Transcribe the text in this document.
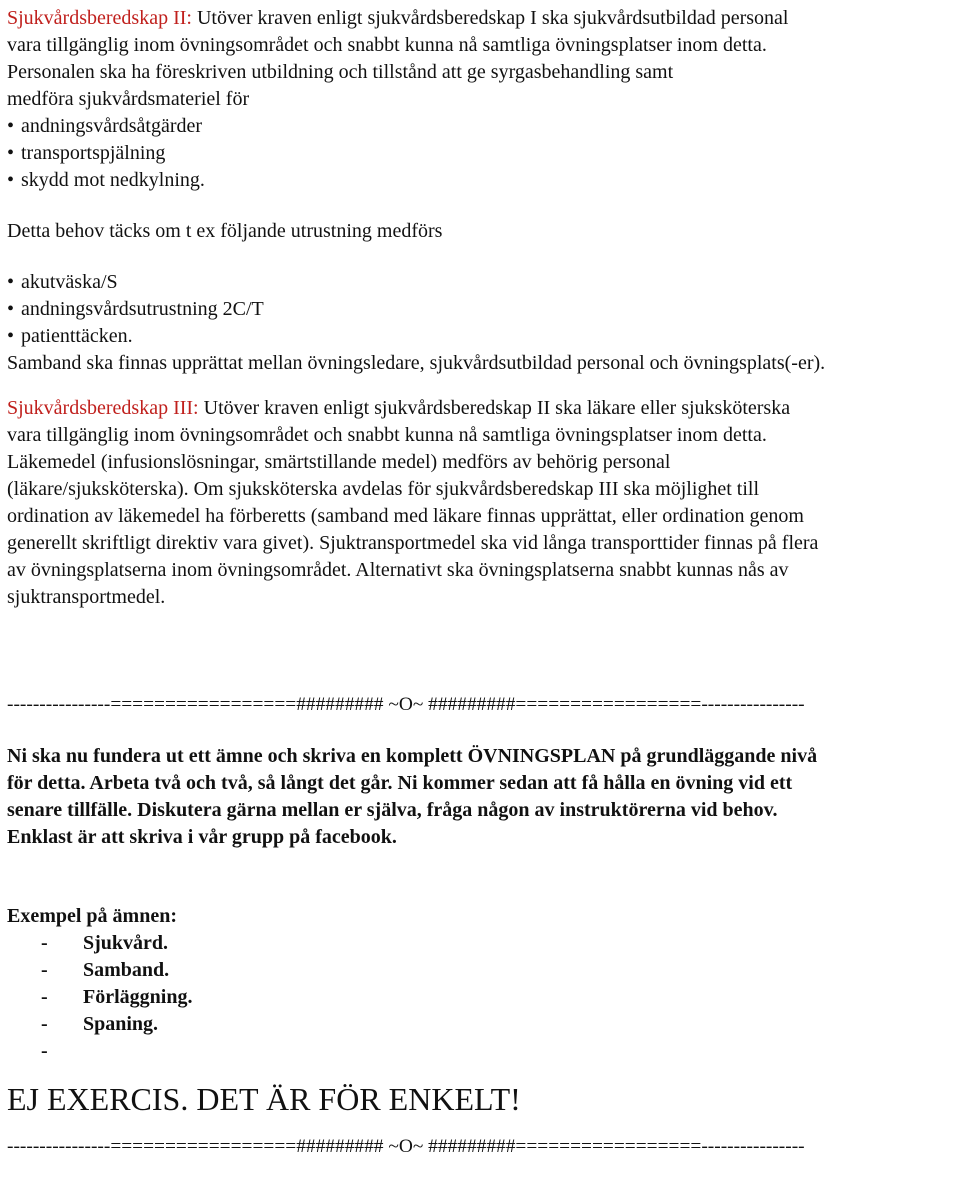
Sjukvårdsberedskap II: Utöver kraven enligt sjukvårdsberedskap I ska sjukvårdsutbildad personal

vara tillgänglig inom övningsområdet och snabbt kunna nå samtliga övningsplatser inom detta.

Personalen ska ha föreskriven utbildning och tillstånd att ge syrgasbehandling samt

medföra sjukvårdsmateriel för

• andningsvårdsåtgärder
• transportspjälning
• skydd mot nedkylning.

Detta behov täcks om t ex följande utrustning medförs

• akutväska/S
• andningsvårdsutrustning 2C/T
• patienttäcken.

Samband ska finnas upprättat mellan övningsledare, sjukvårdsutbildad personal och övningsplats(-er).

Sjukvårdsberedskap III: Utöver kraven enligt sjukvårdsberedskap II ska läkare eller sjuksköterska

vara tillgänglig inom övningsområdet och snabbt kunna nå samtliga övningsplatser inom detta.

Läkemedel (infusionslösningar, smärtstillande medel) medförs av behörig personal

(läkare/sjuksköterska). Om sjuksköterska avdelas för sjukvårdsberedskap III ska möjlighet till

ordination av läkemedel ha förberetts (samband med läkare finnas upprättat, eller ordination genom

generellt skriftligt direktiv vara givet). Sjuktransportmedel ska vid långa transporttider finnas på flera

av övningsplatserna inom övningsområdet. Alternativt ska övningsplatserna snabbt kunnas nås av

sjuktransportmedel.

----------------=================######### ~O~ #########=================----------------

Ni ska nu fundera ut ett ämne och skriva en komplett ÖVNINGSPLAN på grundläggande nivå

för detta. Arbeta två och två, så långt det går. Ni kommer sedan att få hålla en övning vid ett

senare tillfälle. Diskutera gärna mellan er själva, fråga någon av instruktörerna vid behov.

Enklast är att skriva i vår grupp på facebook.

Exempel på ämnen:

- Sjukvård.
- Samband.
- Förläggning.
- Spaning.
-

EJ EXERCIS. DET ÄR FÖR ENKELT!

----------------=================######### ~O~ #########=================----------------
